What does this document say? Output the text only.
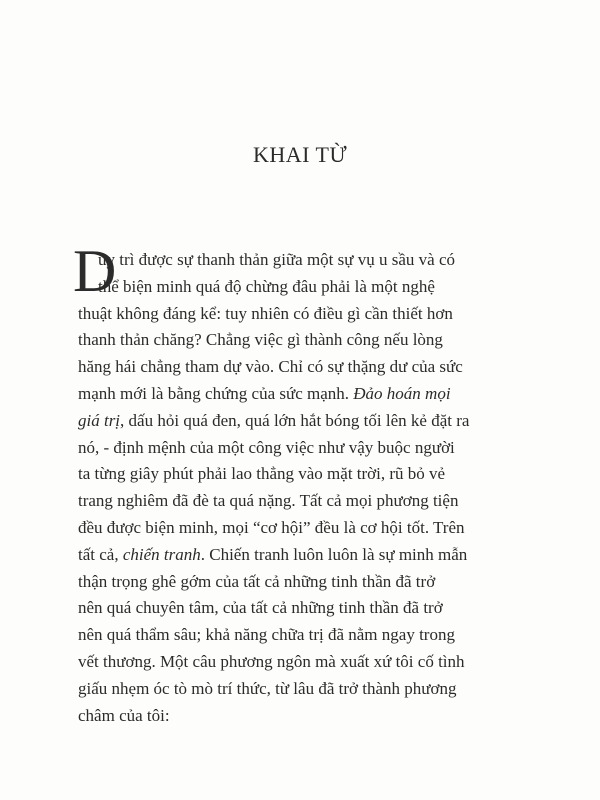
KHAI TỪ
D
uy trì được sự thanh thản giữa một sự vụ u sầu và có
thể biện minh quá độ chừng đâu phải là một nghệ
thuật không đáng kể: tuy nhiên có điều gì cần thiết hơn
thanh thản chăng? Chẳng việc gì thành công nếu lòng
hăng hái chẳng tham dự vào. Chỉ có sự thặng dư của sức
mạnh mới là bằng chứng của sức mạnh. Đảo hoán mọi
giá trị, dấu hỏi quá đen, quá lớn hắt bóng tối lên kẻ đặt ra
nó, - định mệnh của một công việc như vậy buộc người
ta từng giây phút phải lao thẳng vào mặt trời, rũ bỏ vẻ
trang nghiêm đã đè ta quá nặng. Tất cả mọi phương tiện
đều được biện minh, mọi “cơ hội” đều là cơ hội tốt. Trên
tất cả, chiến tranh. Chiến tranh luôn luôn là sự minh mẫn
thận trọng ghê gớm của tất cả những tinh thần đã trở
nên quá chuyên tâm, của tất cả những tinh thần đã trở
nên quá thẩm sâu; khả năng chữa trị đã nằm ngay trong
vết thương. Một câu phương ngôn mà xuất xứ tôi cố tình
giấu nhẹm óc tò mò trí thức, từ lâu đã trở thành phương
châm của tôi:
